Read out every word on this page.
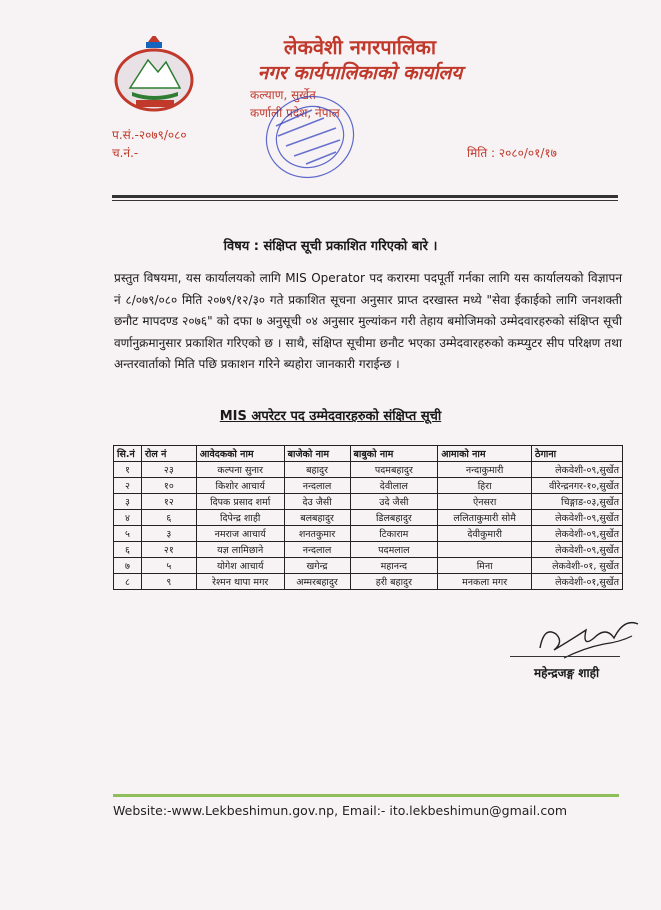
लेकवेशी नगरपालिका

नगर कार्यपालिकाको कार्यालय

कल्याण, सुर्खेत

कर्णाली प्रदेश, नेपाल

प.सं.-२०७९/०८०
च.नं.-	मिति : २०८०/०१/१७
विषय : संक्षिप्त सूची प्रकाशित गरिएको बारे ।
प्रस्तुत विषयमा, यस कार्यालयको लागि MIS Operator पद करारमा पदपूर्ती गर्नका लागि यस कार्यालयको विज्ञापन नं ८/०७९/०८० मिति २०७९/१२/३० गते प्रकाशित सूचना अनुसार प्राप्त दरखास्त मध्ये "सेवा ईकाईको लागि जनशक्ती छनौट मापदण्ड २०७६" को दफा ७ अनुसूची ०४ अनुसार मुल्यांकन गरी तेहाय बमोजिमको उम्मेदवारहरुको संक्षिप्त सूची वर्णानुक्रमानुसार प्रकाशित गरिएको छ । साथै, संक्षिप्त सूचीमा छनौट भएका उम्मेदवारहरुको कम्प्युटर सीप परिक्षण तथा अन्तरवार्ताको मिति पछि प्रकाशन गरिने ब्यहोरा जानकारी गराईन्छ ।
MIS अपरेटर पद उम्मेदवारहरुको संक्षिप्त सूची
सि.नं	रोल नं	आवेदकको नाम	बाजेको नाम	बाबुको नाम	आमाको नाम	ठेगाना
१	२३	कल्पना सुनार	बहादुर	पदमबहादुर	नन्दाकुमारी	लेकवेशी-०९,सुर्खेत
२	१०	किशोर आचार्य	नन्दलाल	देवीलाल	हिरा	वीरेन्द्रनगर-१०,सुर्खेत
३	१२	दिपक प्रसाद शर्मा	देउ जैसी	उदे जैसी	ऐनसरा	चिङ्गाड-०३,सुर्खेत
४	६	दिपेन्द्र शाही	बलबहादुर	डिलबहादुर	ललिताकुमारी सोमै	लेकवेशी-०९,सुर्खेत
५	३	नमराज आचार्य	शनतकुमार	टिकाराम	देवीकुमारी	लेकवेशी-०९,सुर्खेत
६	२१	यज्ञ लामिछाने	नन्दलाल	पदमलाल		लेकवेशी-०९,सुर्खेत
७	५	योगेश आचार्य	खगेन्द्र	महानन्द	मिना	लेकवेशी-०१, सुर्खेत
८	९	रेश्मन थापा मगर	अम्मरबहादुर	हरी बहादुर	मनकला मगर	लेकवेशी-०१,सुर्खेत
महेन्द्रजङ्ग शाही
Website:-www.Lekbeshimun.gov.np, Email:- ito.lekbeshimun@gmail.com
